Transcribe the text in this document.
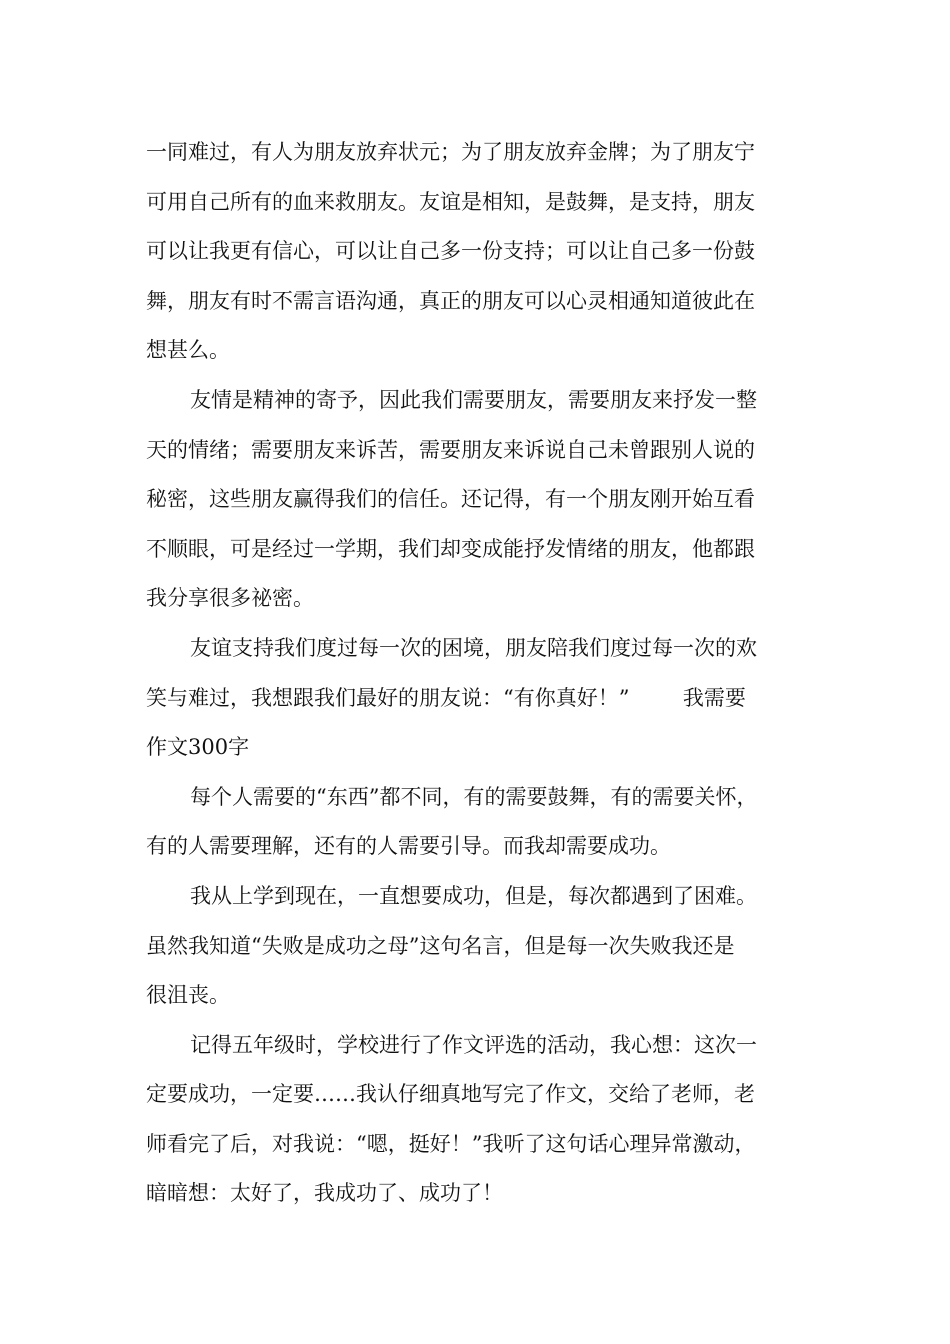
一同难过，有人为朋友放弃状元；为了朋友放弃金牌；为了朋友宁
可用自己所有的血来救朋友。友谊是相知，是鼓舞，是支持，朋友
可以让我更有信心，可以让自己多一份支持；可以让自己多一份鼓
舞，朋友有时不需言语沟通，真正的朋友可以心灵相通知道彼此在
想甚么。
友情是精神的寄予，因此我们需要朋友，需要朋友来抒发一整
天的情绪；需要朋友来诉苦，需要朋友来诉说自己未曾跟别人说的
秘密，这些朋友赢得我们的信任。还记得，有一个朋友刚开始互看
不顺眼，可是经过一学期，我们却变成能抒发情绪的朋友，他都跟
我分享很多祕密。
友谊支持我们度过每一次的困境，朋友陪我们度过每一次的欢
笑与难过，我想跟我们最好的朋友说：“有你真好！”        我需要
作文300字
每个人需要的“东西”都不同，有的需要鼓舞，有的需要关怀，
有的人需要理解，还有的人需要引导。而我却需要成功。
我从上学到现在，一直想要成功，但是，每次都遇到了困难。
虽然我知道“失败是成功之母”这句名言，但是每一次失败我还是
很沮丧。
记得五年级时，学校进行了作文评选的活动，我心想：这次一
定要成功，一定要……我认仔细真地写完了作文，交给了老师，老
师看完了后，对我说：“嗯，挺好！”我听了这句话心理异常激动，
暗暗想：太好了，我成功了、成功了！
